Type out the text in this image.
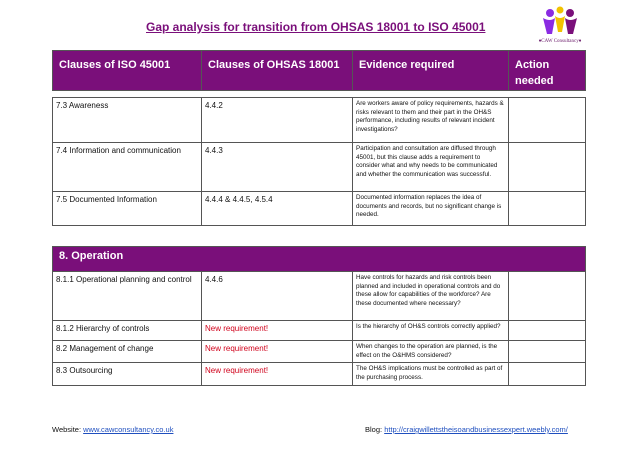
Gap analysis for transition from OHSAS 18001 to ISO 45001
♦CAW Consultancy♦
Clauses of ISO 45001	Clauses of OHSAS 18001	Evidence required	Action needed
7.3 Awareness	4.4.2	Are workers aware of policy requirements, hazards & risks relevant to them and their part in the OH&S performance, including results of relevant incident investigations?	
7.4 Information and communication	4.4.3	Participation and consultation are diffused through 45001, but this clause adds a requirement to consider what and why needs to be communicated and whether the communication was successful.	
7.5 Documented Information	4.4.4 & 4.4.5, 4.5.4	Documented information replaces the idea of documents and records, but no significant change is needed.	
8. Operation			
8.1.1 Operational planning and control	4.4.6	Have controls for hazards and risk controls been planned and included in operational controls and do these allow for capabilities of the workforce? Are these documented where necessary?	
8.1.2 Hierarchy of controls	New requirement!	Is the hierarchy of OH&S controls correctly applied?	
8.2 Management of change	New requirement!	When changes to the operation are planned, is the effect on the O&HMS considered?	
8.3 Outsourcing	New requirement!	The OH&S implications must be controlled as part of the purchasing process.	
Website: www.cawconsultancy.co.uk	Blog: http://craigwillettstheisoandbusinessexpert.weebly.com/
